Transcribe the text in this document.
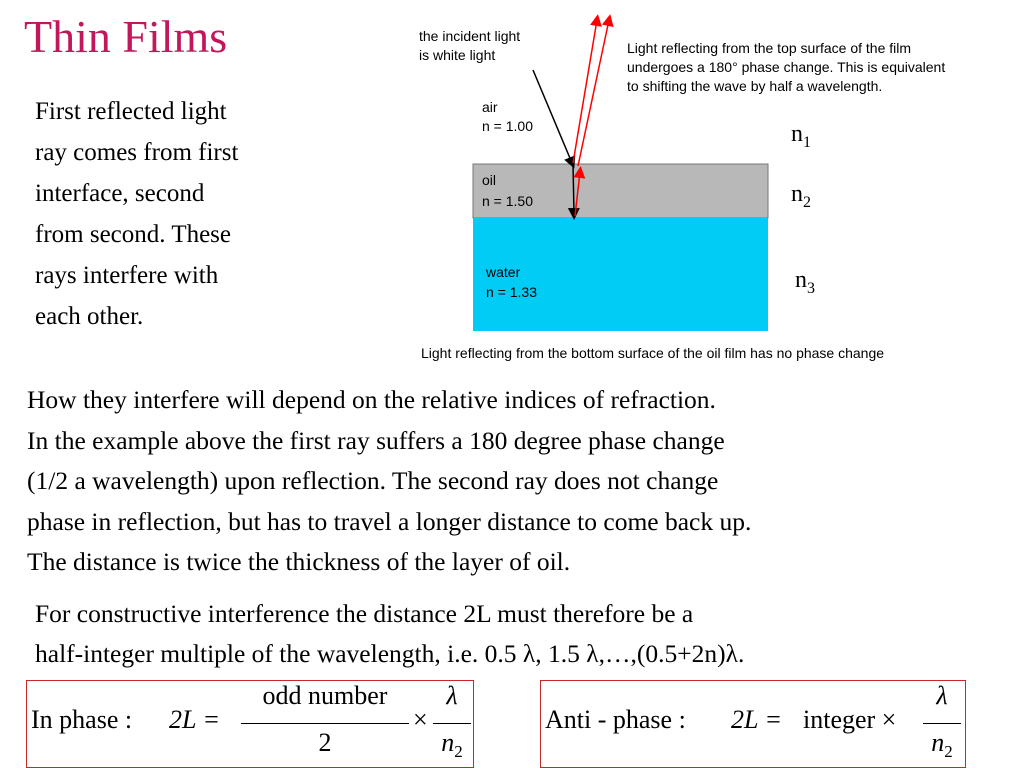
Thin Films
First reflected light
ray comes from first
interface, second
from second. These
rays interfere with
each other.
the incident light
is white light	Light reflecting from the top surface of the film
undergoes a 180° phase change. This is equivalent
to shifting the wave by half a wavelength.
air
n = 1.00
oil
n = 1.50
water
n = 1.33
Light reflecting from the bottom surface of the oil film has no phase change
$n_1$
$n_2$
$n_3$
How they interfere will depend on the relative indices of refraction.
In the example above the first ray suffers a 180 degree phase change
(1/2 a wavelength) upon reflection. The second ray does not change
phase in reflection, but has to travel a longer distance to come back up.
The distance is twice the thickness of the layer of oil.
For constructive interference the distance 2L must therefore be a
half-integer multiple of the wavelength, i.e. 0.5 λ, 1.5 λ,…,(0.5+2n)λ.
In phase : 2L =
odd number
2
×
λ
$n_2$
Anti - phase : 2L = integer ×
λ
$n_2$
